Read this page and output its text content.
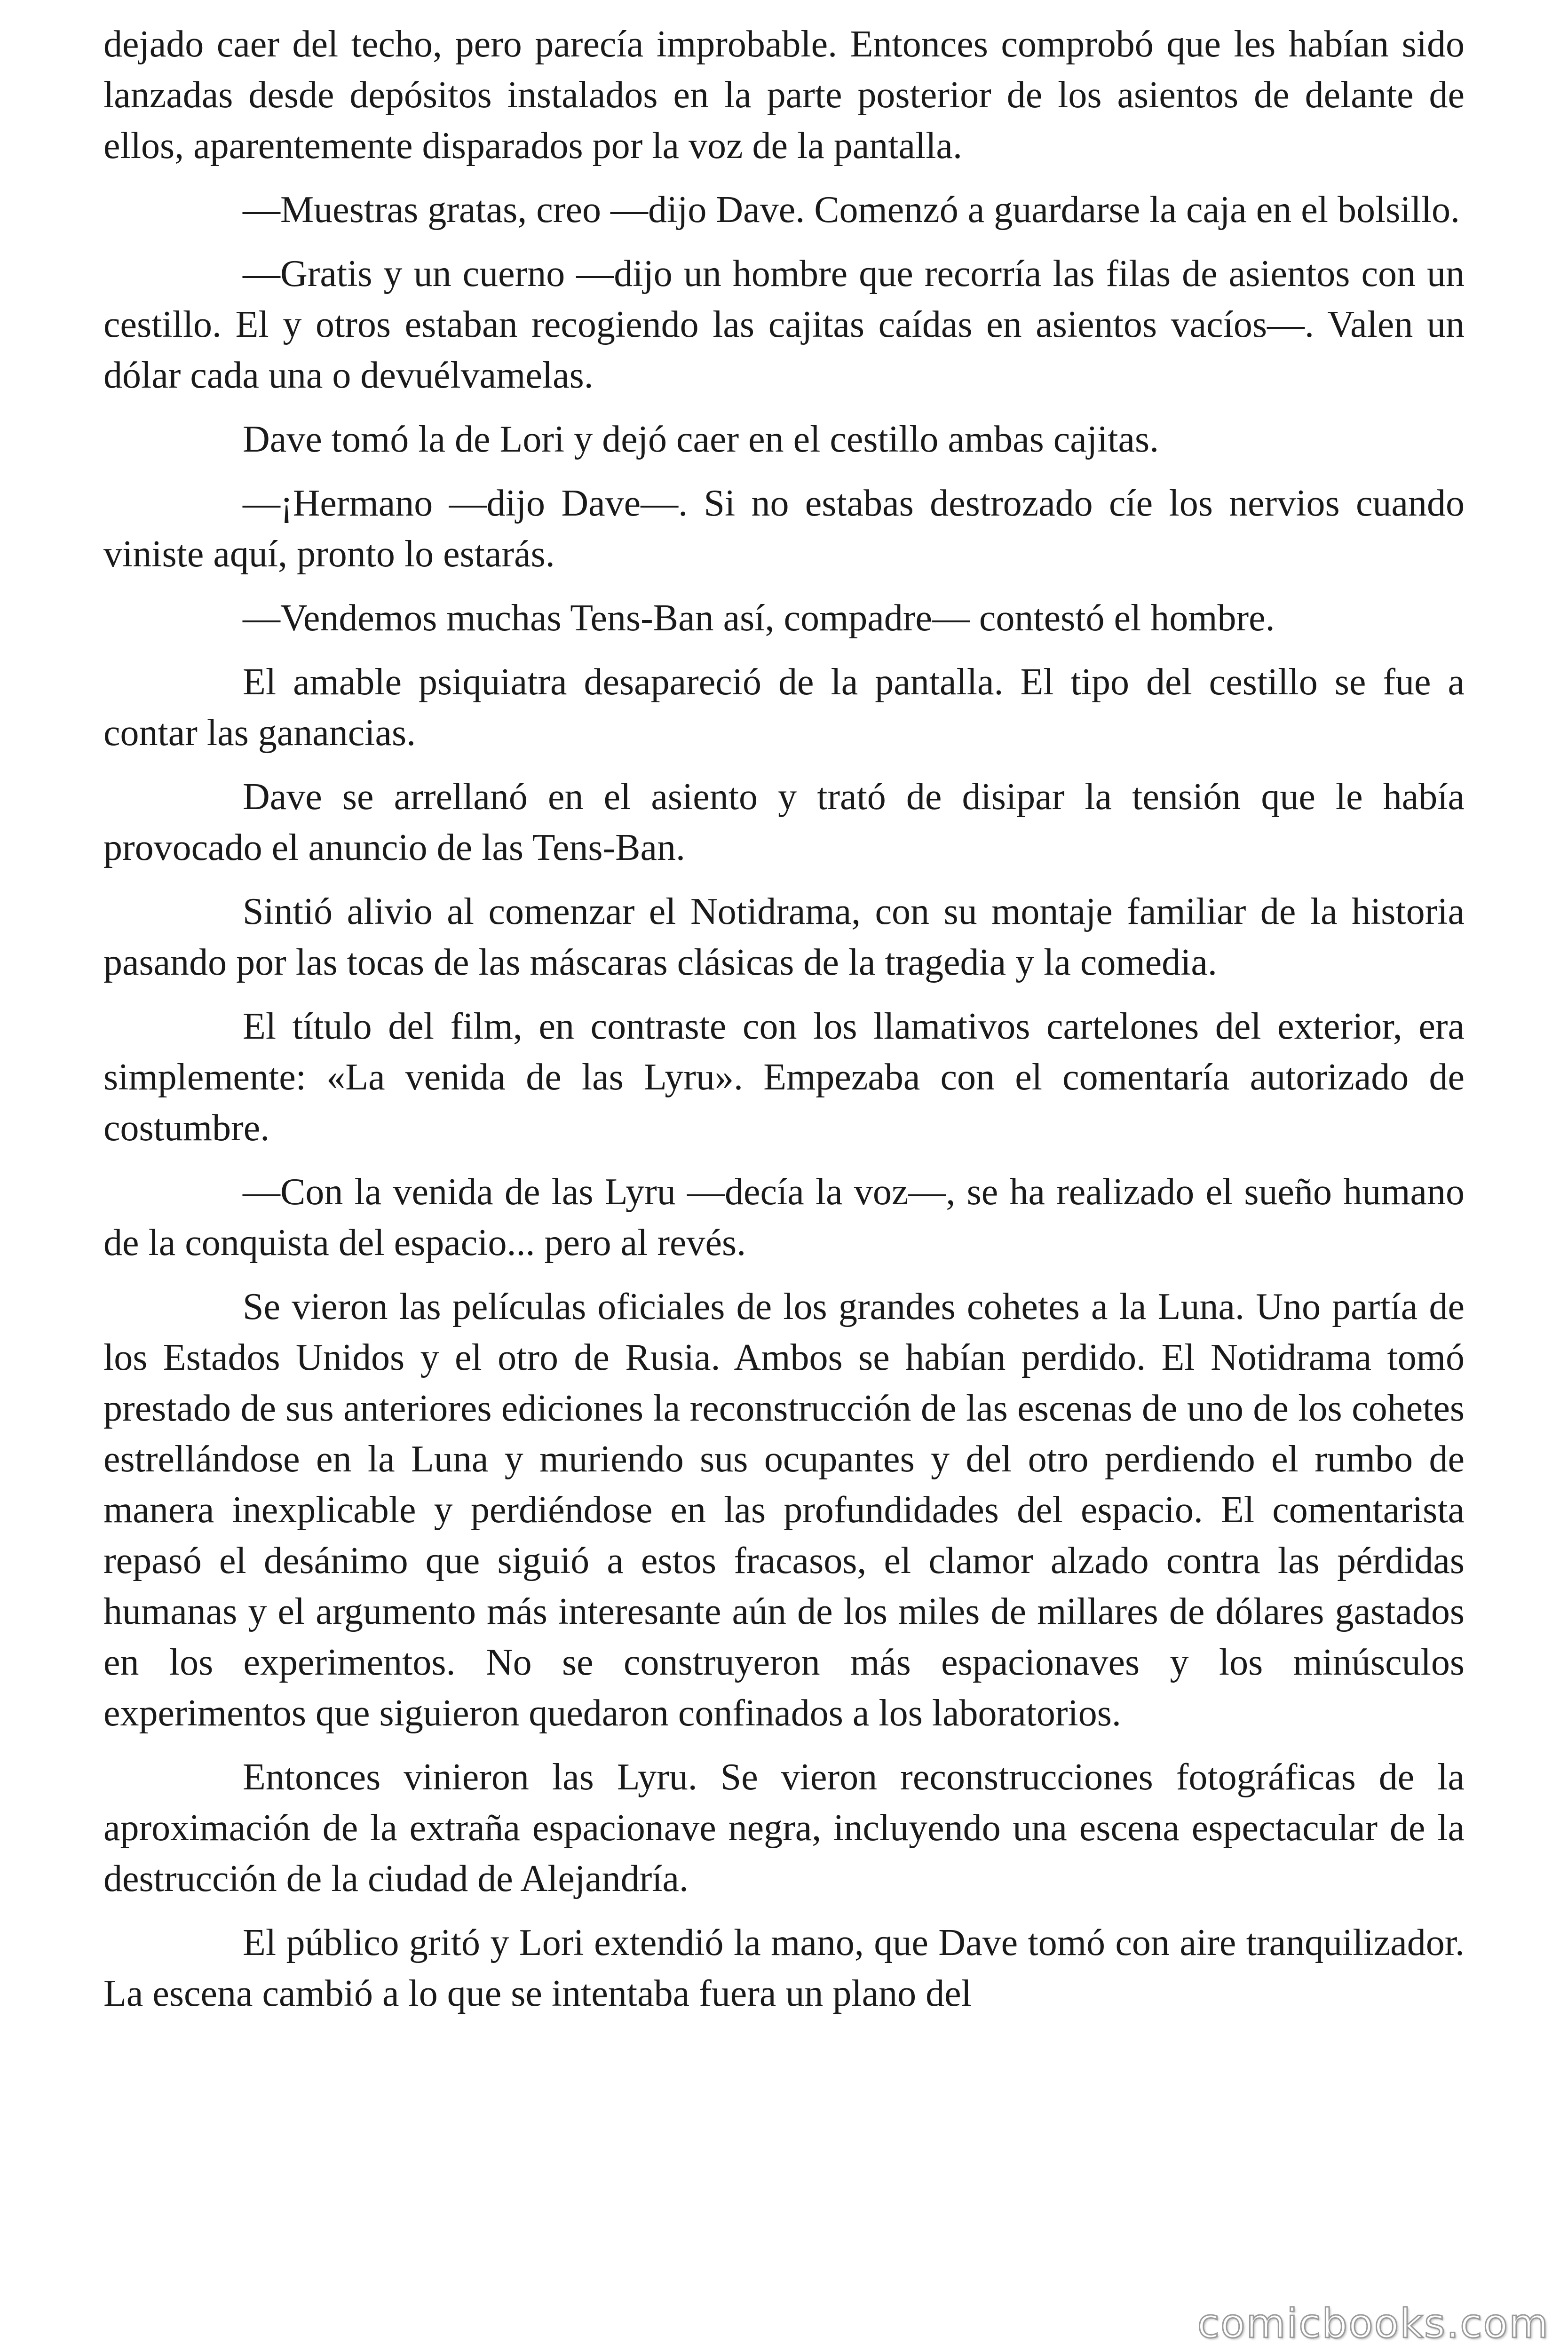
dejado caer del techo, pero parecía improbable. Entonces comprobó que les habían sido lanzadas desde depósitos instalados en la parte posterior de los asientos de delante de ellos, aparentemente disparados por la voz de la pantalla.

—Muestras gratas, creo —dijo Dave. Comenzó a guardarse la caja en el bolsillo.

—Gratis y un cuerno —dijo un hombre que recorría las filas de asientos con un cestillo. El y otros estaban recogiendo las cajitas caídas en asientos vacíos—. Valen un dólar cada una o devuélvamelas.

Dave tomó la de Lori y dejó caer en el cestillo ambas cajitas.

—¡Hermano —dijo Dave—. Si no estabas destrozado cíe los nervios cuando viniste aquí, pronto lo estarás.

—Vendemos muchas Tens-Ban así, compadre— contestó el hombre.

El amable psiquiatra desapareció de la pantalla. El tipo del cestillo se fue a contar las ganancias.

Dave se arrellanó en el asiento y trató de disipar la tensión que le había provocado el anuncio de las Tens-Ban.

Sintió alivio al comenzar el Notidrama, con su montaje familiar de la historia pasando por las tocas de las máscaras clásicas de la tragedia y la comedia.

El título del film, en contraste con los llamativos cartelones del exterior, era simplemente: «La venida de las Lyru». Empezaba con el comentaría autorizado de costumbre.

—Con la venida de las Lyru —decía la voz—, se ha realizado el sueño humano de la conquista del espacio... pero al revés.

Se vieron las películas oficiales de los grandes cohetes a la Luna. Uno partía de los Estados Unidos y el otro de Rusia. Ambos se habían perdido. El Notidrama tomó prestado de sus anteriores ediciones la reconstrucción de las escenas de uno de los cohetes estrellándose en la Luna y muriendo sus ocupantes y del otro perdiendo el rumbo de manera inexplicable y perdiéndose en las profundidades del espacio. El comentarista repasó el desánimo que siguió a estos fracasos, el clamor alzado contra las pérdidas humanas y el argumento más interesante aún de los miles de millares de dólares gastados en los experimentos. No se construyeron más espacionaves y los minúsculos experimentos que siguieron quedaron confinados a los laboratorios.

Entonces vinieron las Lyru. Se vieron reconstrucciones fotográficas de la aproximación de la extraña espacionave negra, incluyendo una escena espectacular de la destrucción de la ciudad de Alejandría.

El público gritó y Lori extendió la mano, que Dave tomó con aire tranquilizador. La escena cambió a lo que se intentaba fuera un plano del

comicbooks.com
